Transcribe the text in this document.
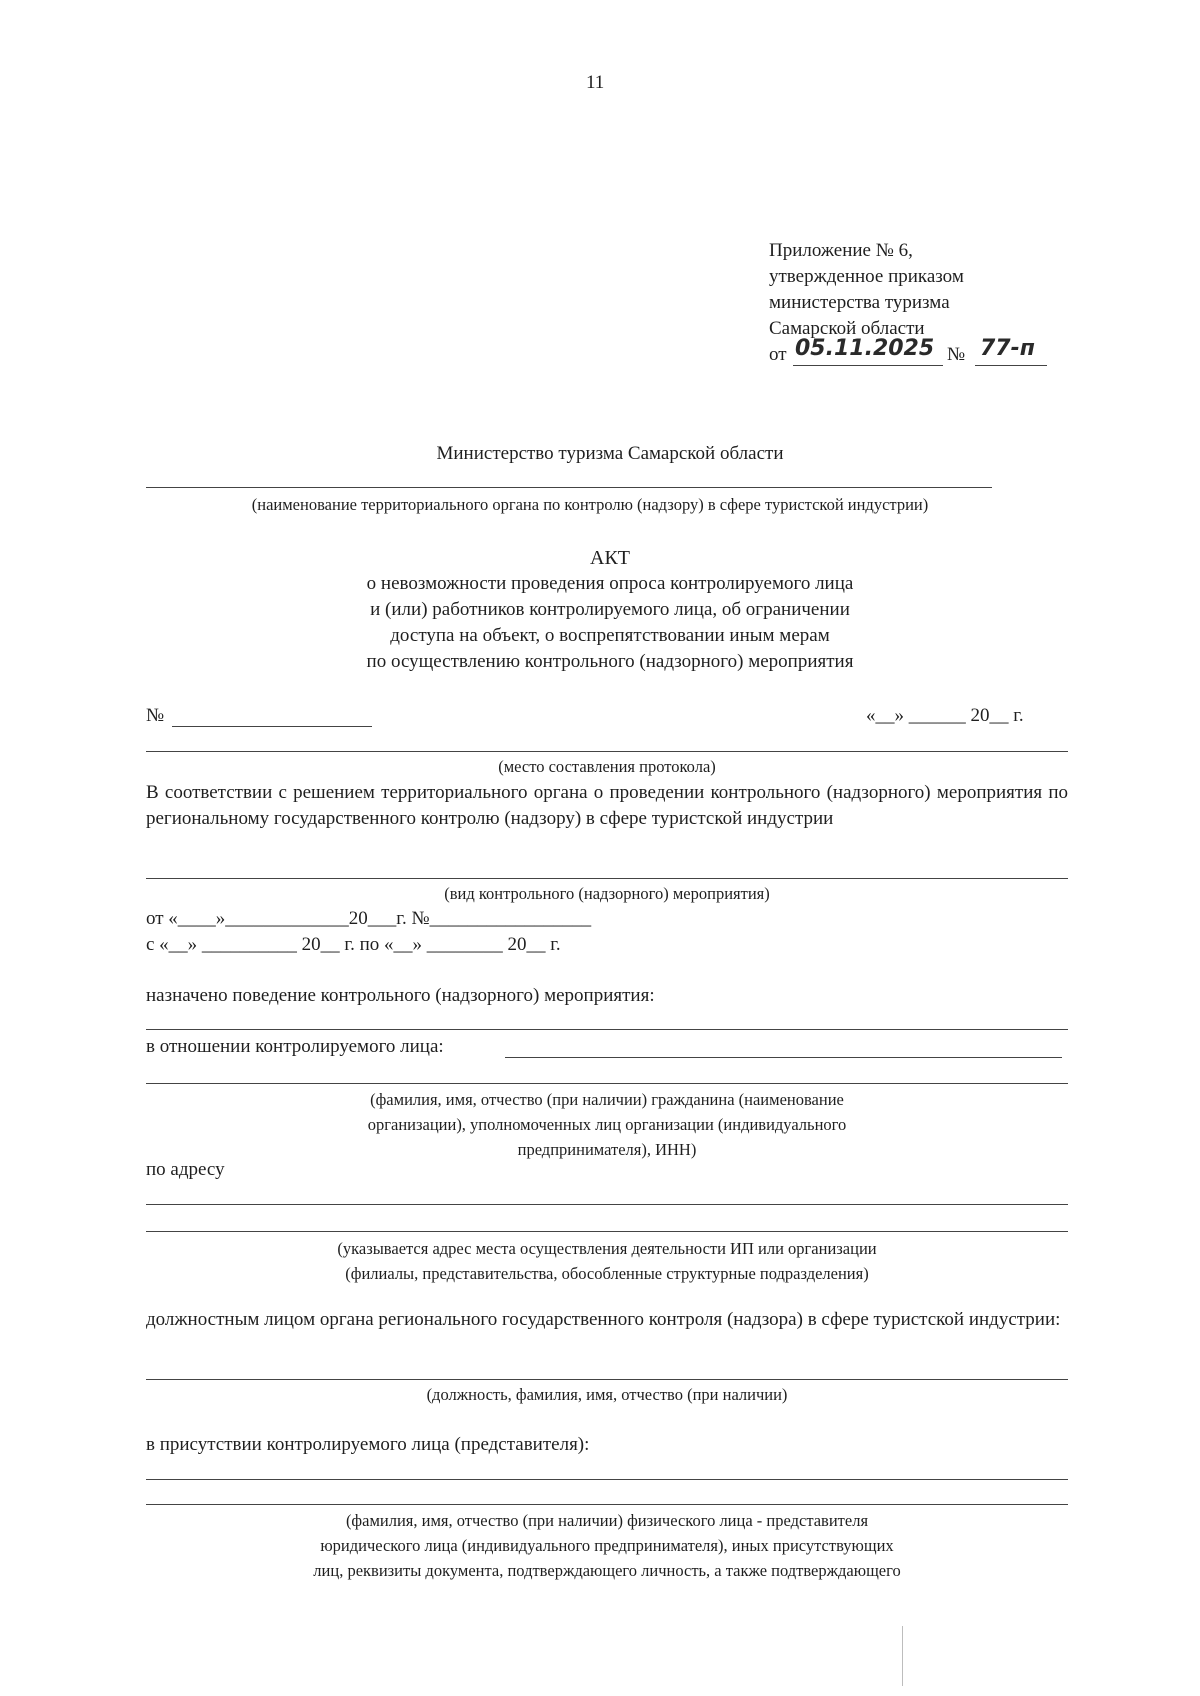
11
Приложение № 6,
утвержденное приказом
министерства туризма
Самарской области
от 05.11.2025 № 77-п
Министерство туризма Самарской области
(наименование территориального органа по контролю (надзору) в сфере туристской индустрии)
АКТ
о невозможности проведения опроса контролируемого лица
и (или) работников контролируемого лица, об ограничении
доступа на объект, о воспрепятствовании иным мерам
по осуществлению контрольного (надзорного) мероприятия
№	«__» ______ 20__ г.
(место составления протокола)
В соответствии с решением территориального органа о проведении контрольного (надзорного) мероприятия по региональному государственного контролю (надзору) в сфере туристской индустрии
(вид контрольного (надзорного) мероприятия)
от «____»_____________20___г. №_________________
с «__» __________ 20__ г. по «__» ________ 20__ г.
назначено поведение контрольного (надзорного) мероприятия:
в отношении контролируемого лица:
(фамилия, имя, отчество (при наличии) гражданина (наименование
организации), уполномоченных лиц организации (индивидуального
предпринимателя), ИНН)
по адресу
(указывается адрес места осуществления деятельности ИП или организации
(филиалы, представительства, обособленные структурные подразделения)
должностным лицом органа регионального государственного контроля (надзора) в сфере туристской индустрии:
(должность, фамилия, имя, отчество (при наличии)
в присутствии контролируемого лица (представителя):
(фамилия, имя, отчество (при наличии) физического лица - представителя
юридического лица (индивидуального предпринимателя), иных присутствующих
лиц, реквизиты документа, подтверждающего личность, а также подтверждающего
